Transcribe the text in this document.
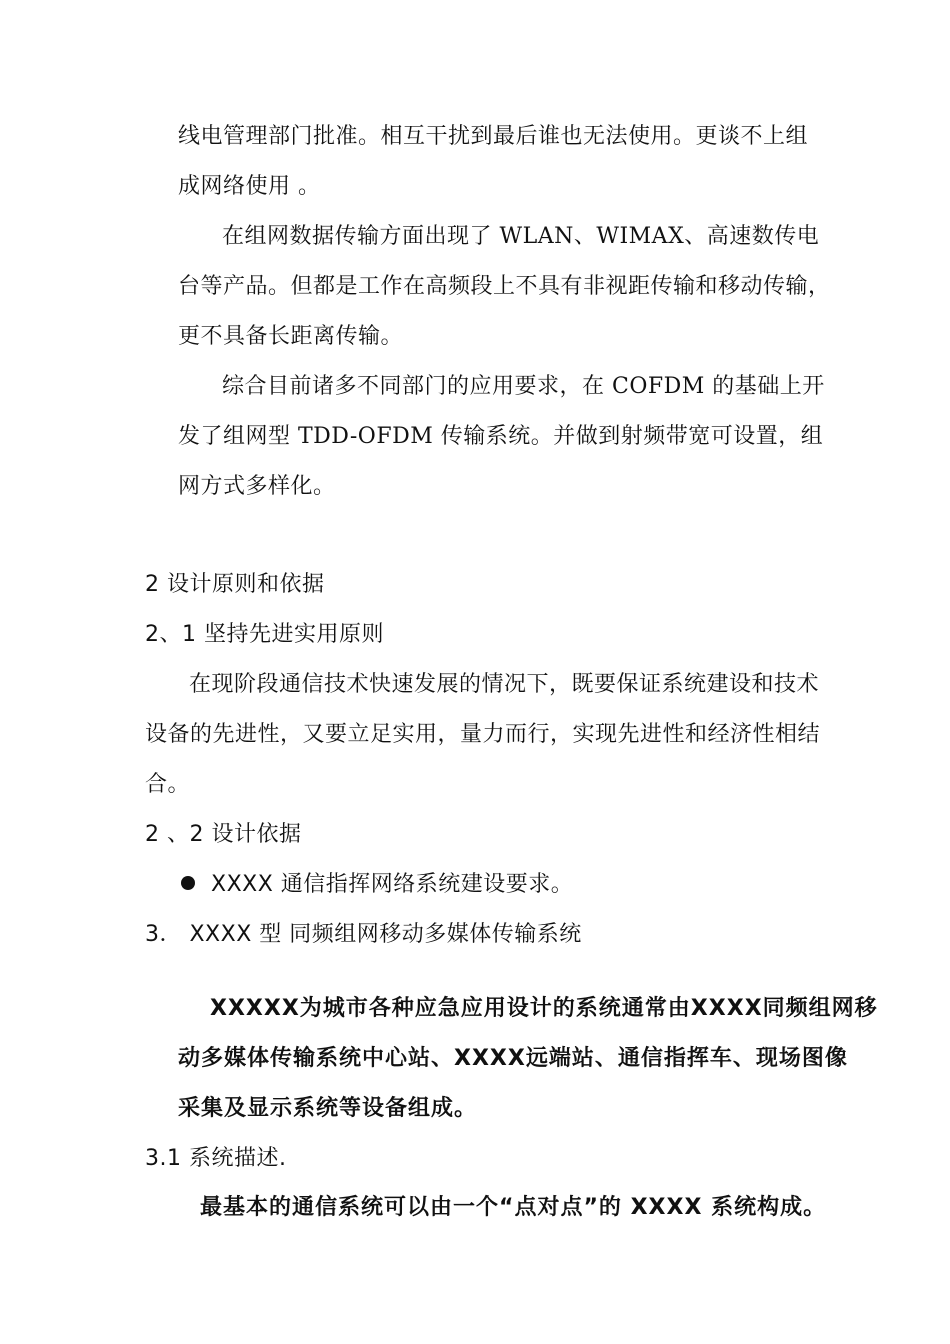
线电管理部门批准。相互干扰到最后谁也无法使用。更谈不上组
成网络使用 。
在组网数据传输方面出现了 WLAN、WIMAX、高速数传电
台等产品。但都是工作在高频段上不具有非视距传输和移动传输，
更不具备长距离传输。
综合目前诸多不同部门的应用要求，在 COFDM 的基础上开
发了组网型 TDD-OFDM 传输系统。并做到射频带宽可设置，组
网方式多样化。
2 设计原则和依据
2、1 坚持先进实用原则
在现阶段通信技术快速发展的情况下，既要保证系统建设和技术
设备的先进性，又要立足实用，量力而行，实现先进性和经济性相结
合。
2 、2 设计依据
XXXX 通信指挥网络系统建设要求。
3． XXXX 型 同频组网移动多媒体传输系统
XXXXX为城市各种应急应用设计的系统通常由XXXX同频组网移
动多媒体传输系统中心站、XXXX远端站、通信指挥车、现场图像
采集及显示系统等设备组成。
3.1 系统描述.
最基本的通信系统可以由一个“点对点”的 XXXX 系统构成。
